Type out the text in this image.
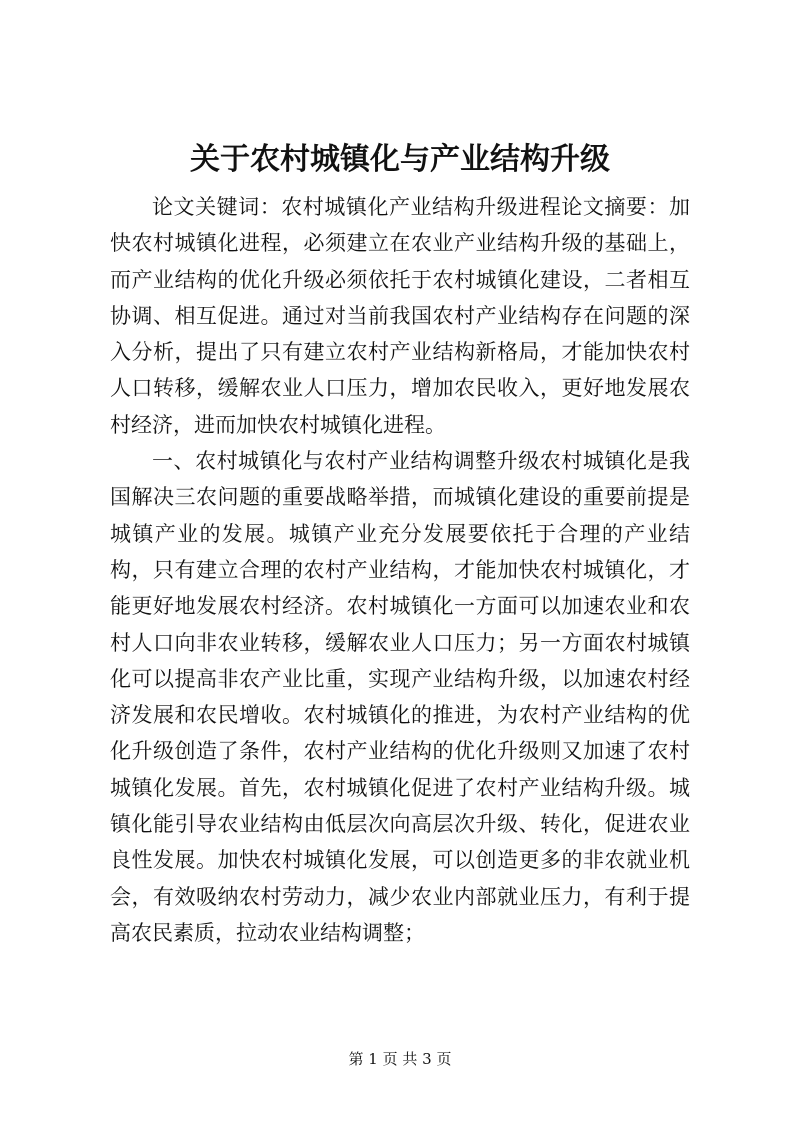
关于农村城镇化与产业结构升级

论文关键词：农村城镇化产业结构升级进程论文摘要：加快农村城镇化进程，必须建立在农业产业结构升级的基础上，而产业结构的优化升级必须依托于农村城镇化建设，二者相互协调、相互促进。通过对当前我国农村产业结构存在问题的深入分析，提出了只有建立农村产业结构新格局，才能加快农村人口转移，缓解农业人口压力，增加农民收入，更好地发展农村经济，进而加快农村城镇化进程。

一、农村城镇化与农村产业结构调整升级农村城镇化是我国解决三农问题的重要战略举措，而城镇化建设的重要前提是城镇产业的发展。城镇产业充分发展要依托于合理的产业结构，只有建立合理的农村产业结构，才能加快农村城镇化，才能更好地发展农村经济。农村城镇化一方面可以加速农业和农村人口向非农业转移，缓解农业人口压力；另一方面农村城镇化可以提高非农产业比重，实现产业结构升级，以加速农村经济发展和农民增收。农村城镇化的推进，为农村产业结构的优化升级创造了条件，农村产业结构的优化升级则又加速了农村城镇化发展。首先，农村城镇化促进了农村产业结构升级。城镇化能引导农业结构由低层次向高层次升级、转化，促进农业良性发展。加快农村城镇化发展，可以创造更多的非农就业机会，有效吸纳农村劳动力，减少农业内部就业压力，有利于提高农民素质，拉动农业结构调整；

第 1 页 共 3 页
